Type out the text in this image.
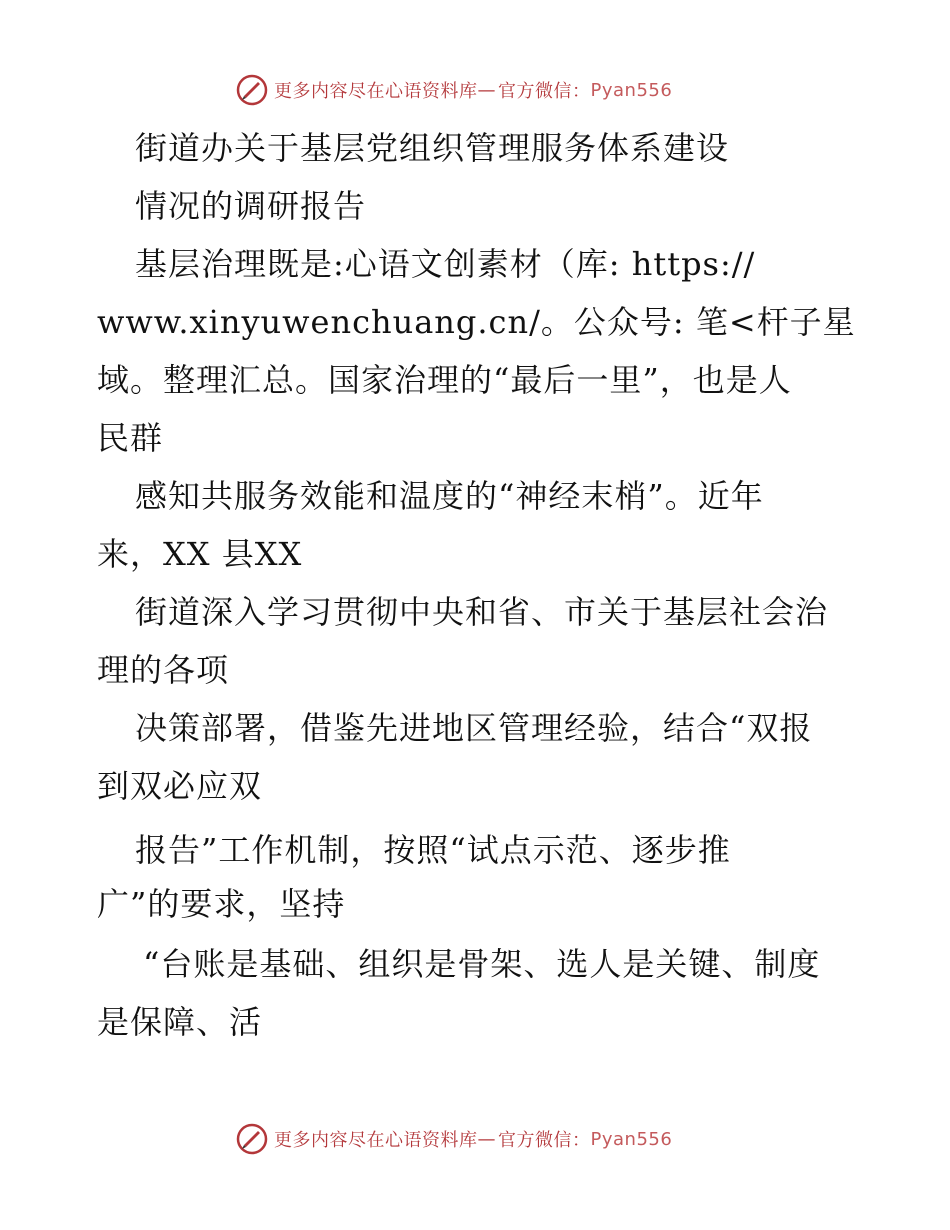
更多内容尽在心语资料库 — 官方微信： Pyan556
街道办关于基层党组织管理服务体系建设
情况的调研报告
基层治理既是:心语文创素材（库: https://
www.xinyuwenchuang.cn/。公众号: 笔<杆子星
域。整理汇总。国家治理的“最后一里”，也是人
民群
感知共服务效能和温度的“神经末梢”。近年
来，XX 县XX
街道深入学习贯彻中央和省、市关于基层社会治
理的各项
决策部署，借鉴先进地区管理经验，结合“双报
到双必应双
报告”工作机制，按照“试点示范、逐步推
广”的要求，坚持
“台账是基础、组织是骨架、选人是关键、制度
是保障、活
更多内容尽在心语资料库 — 官方微信： Pyan556
